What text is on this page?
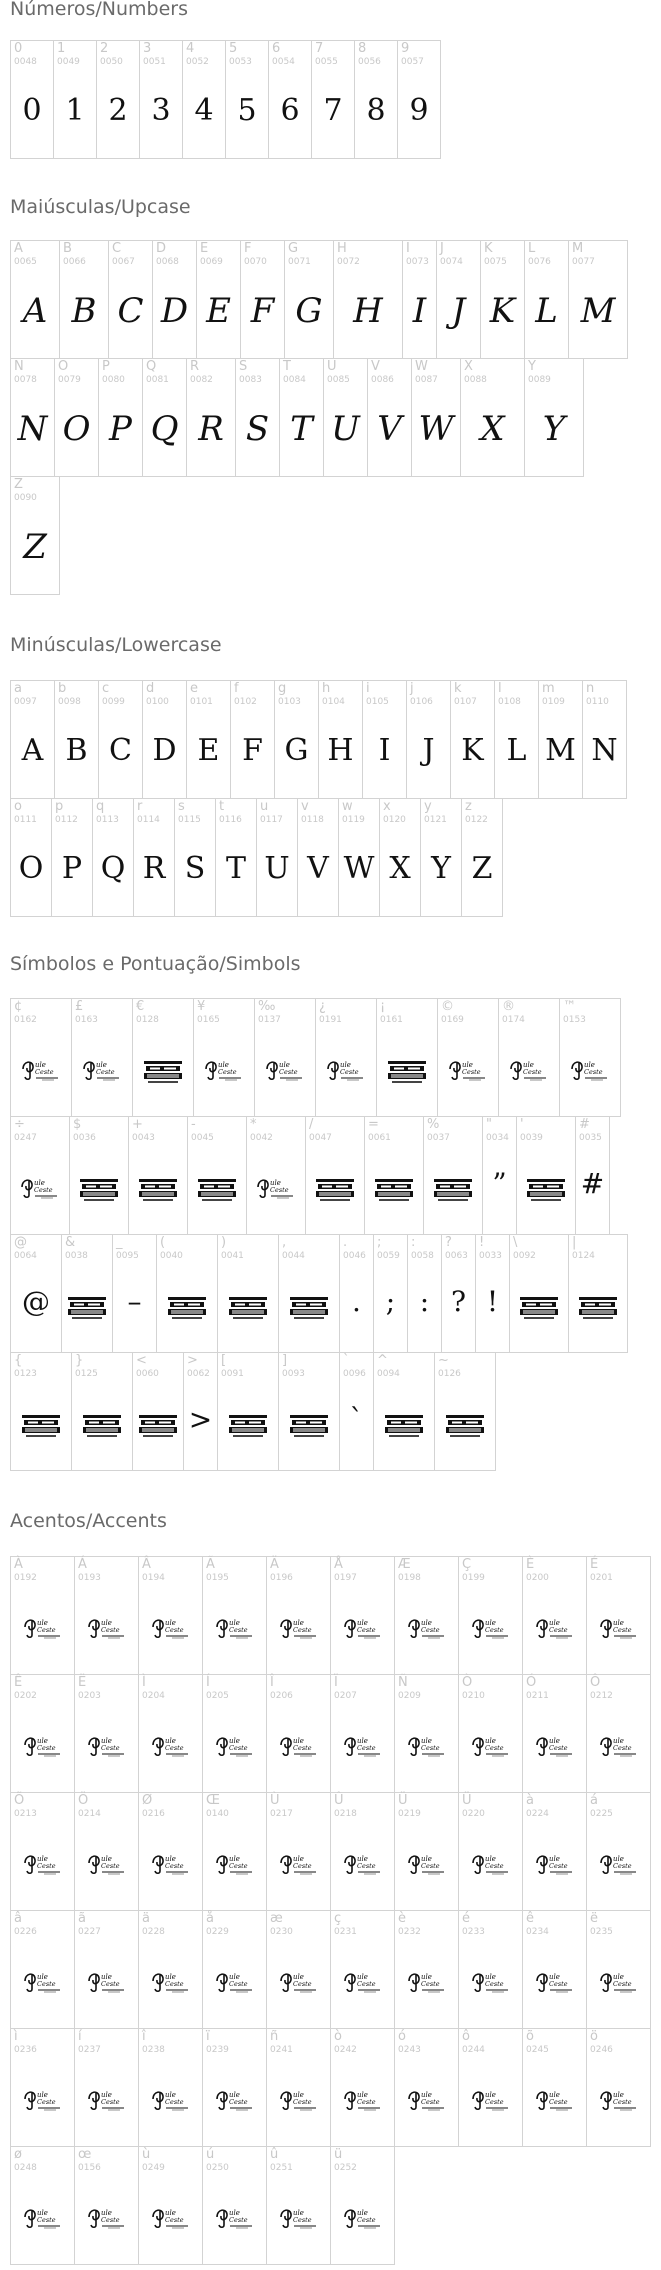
Números/Numbers
0
0048
0
1
0049
1
2
0050
2
3
0051
3
4
0052
4
5
0053
5
6
0054
6
7
0055
7
8
0056
8
9
0057
9
Maiúsculas/Upcase
A
0065
A
B
0066
B
C
0067
C
D
0068
D
E
0069
E
F
0070
F
G
0071
G
H
0072
H
I
0073
I
J
0074
J
K
0075
K
L
0076
L
M
0077
M
N
0078
N
O
0079
O
P
0080
P
Q
0081
Q
R
0082
R
S
0083
S
T
0084
T
U
0085
U
V
0086
V
W
0087
W
X
0088
X
Y
0089
Y
Z
0090
Z
Minúsculas/Lowercase
a
0097
A
b
0098
B
c
0099
C
d
0100
D
e
0101
E
f
0102
F
g
0103
G
h
0104
H
i
0105
I
j
0106
J
k
0107
K
l
0108
L
m
0109
M
n
0110
N
o
0111
O
p
0112
P
q
0113
Q
r
0114
R
s
0115
S
t
0116
T
u
0117
U
v
0118
V
w
0119
W
x
0120
X
y
0121
Y
z
0122
Z
Símbolos e Pontuação/Simbols
¢
0162
ule
Ceste
£
0163
ule
Ceste
€
0128
¥
0165
ule
Ceste
‰
0137
ule
Ceste
¿
0191
ule
Ceste
¡
0161
©
0169
ule
Ceste
®
0174
ule
Ceste
™
0153
ule
Ceste
÷
0247
ule
Ceste
$
0036
+
0043
-
0045
*
0042
ule
Ceste
/
0047
=
0061
%
0037
"
0034
”
'
0039
#
0035
#
@
0064
@
&
0038
_
0095
–
(
0040
)
0041
,
0044
.
0046
.
;
0059
;
:
0058
:
?
0063
?
!
0033
!
\
0092
|
0124
{
0123
}
0125
<
0060
>
0062
>
[
0091
]
0093
`
0096
`
^
0094
~
0126
Acentos/Accents
À
0192
ule
Ceste
Á
0193
ule
Ceste
Â
0194
ule
Ceste
Ã
0195
ule
Ceste
Ä
0196
ule
Ceste
Å
0197
ule
Ceste
Æ
0198
ule
Ceste
Ç
0199
ule
Ceste
È
0200
ule
Ceste
É
0201
ule
Ceste
Ê
0202
ule
Ceste
Ë
0203
ule
Ceste
Ì
0204
ule
Ceste
Í
0205
ule
Ceste
Î
0206
ule
Ceste
Ï
0207
ule
Ceste
Ñ
0209
ule
Ceste
Ò
0210
ule
Ceste
Ó
0211
ule
Ceste
Ô
0212
ule
Ceste
Õ
0213
ule
Ceste
Ö
0214
ule
Ceste
Ø
0216
ule
Ceste
Œ
0140
ule
Ceste
Ù
0217
ule
Ceste
Û
0218
ule
Ceste
Ü
0219
ule
Ceste
Ü
0220
ule
Ceste
à
0224
ule
Ceste
á
0225
ule
Ceste
â
0226
ule
Ceste
ã
0227
ule
Ceste
ä
0228
ule
Ceste
å
0229
ule
Ceste
æ
0230
ule
Ceste
ç
0231
ule
Ceste
è
0232
ule
Ceste
é
0233
ule
Ceste
ê
0234
ule
Ceste
ë
0235
ule
Ceste
ì
0236
ule
Ceste
í
0237
ule
Ceste
î
0238
ule
Ceste
ï
0239
ule
Ceste
ñ
0241
ule
Ceste
ò
0242
ule
Ceste
ó
0243
ule
Ceste
ô
0244
ule
Ceste
õ
0245
ule
Ceste
ö
0246
ule
Ceste
ø
0248
ule
Ceste
œ
0156
ule
Ceste
ù
0249
ule
Ceste
ú
0250
ule
Ceste
û
0251
ule
Ceste
ü
0252
ule
Ceste
